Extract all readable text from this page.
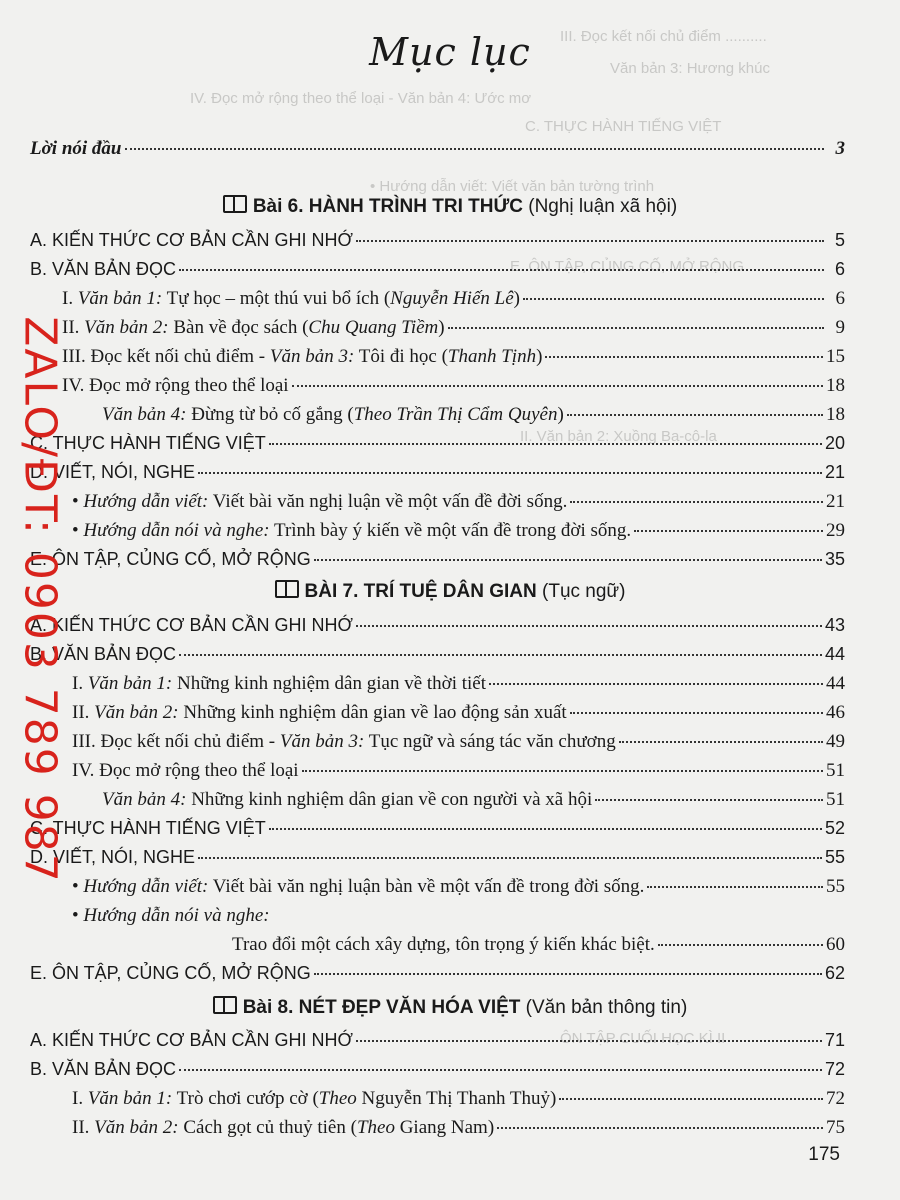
III. Đọc kết nối chủ điểm ..........
Văn bản 3: Hương khúc
IV. Đọc mở rộng theo thể loại - Văn bản 4: Ước mơ
C. THỰC HÀNH TIẾNG VIỆT
• Hướng dẫn viết: Viết văn bản tường trình
E. ÔN TẬP, CỦNG CỐ, MỞ RỘNG
II. Văn bản 2: Xuồng Ba-cô-la
ÔN TẬP CUỐI HỌC KÌ II
Mục lục
Lời nói đầu	3
Bài 6. HÀNH TRÌNH TRI THỨC (Nghị luận xã hội)
A. KIẾN THỨC CƠ BẢN CẦN GHI NHỚ	5
B. VĂN BẢN ĐỌC	6
I. Văn bản 1: Tự học – một thú vui bổ ích (Nguyễn Hiến Lê)	6
II. Văn bản 2: Bàn về đọc sách (Chu Quang Tiềm)	9
III. Đọc kết nối chủ điểm - Văn bản 3: Tôi đi học (Thanh Tịnh)	15
IV. Đọc mở rộng theo thể loại	18
Văn bản 4: Đừng từ bỏ cố gắng (Theo Trần Thị Cẩm Quyên)	18
C. THỰC HÀNH TIẾNG VIỆT	20
D. VIẾT, NÓI, NGHE	21
• Hướng dẫn viết: Viết bài văn nghị luận về một vấn đề đời sống.	21
• Hướng dẫn nói và nghe: Trình bày ý kiến về một vấn đề trong đời sống.	29
E. ÔN TẬP, CỦNG CỐ, MỞ RỘNG	35
BÀI 7. TRÍ TUỆ DÂN GIAN (Tục ngữ)
A. KIẾN THỨC CƠ BẢN CẦN GHI NHỚ	43
B. VĂN BẢN ĐỌC	44
I. Văn bản 1: Những kinh nghiệm dân gian về thời tiết	44
II. Văn bản 2: Những kinh nghiệm dân gian về lao động sản xuất	46
III. Đọc kết nối chủ điểm - Văn bản 3: Tục ngữ và sáng tác văn chương	49
IV. Đọc mở rộng theo thể loại	51
Văn bản 4: Những kinh nghiệm dân gian về con người và xã hội	51
C. THỰC HÀNH TIẾNG VIỆT	52
D. VIẾT, NÓI, NGHE	55
• Hướng dẫn viết: Viết bài văn nghị luận bàn về một vấn đề trong đời sống.	55
• Hướng dẫn nói và nghe:
Trao đổi một cách xây dựng, tôn trọng ý kiến khác biệt.	60
E. ÔN TẬP, CỦNG CỐ, MỞ RỘNG	62
Bài 8. NÉT ĐẸP VĂN HÓA VIỆT (Văn bản thông tin)
A. KIẾN THỨC CƠ BẢN CẦN GHI NHỚ	71
B. VĂN BẢN ĐỌC	72
I. Văn bản 1: Trò chơi cướp cờ (Theo Nguyễn Thị Thanh Thuỷ)	72
II. Văn bản 2: Cách gọt củ thuỷ tiên (Theo Giang Nam)	75
175
ZALO/ĐT: 0903 789 987
